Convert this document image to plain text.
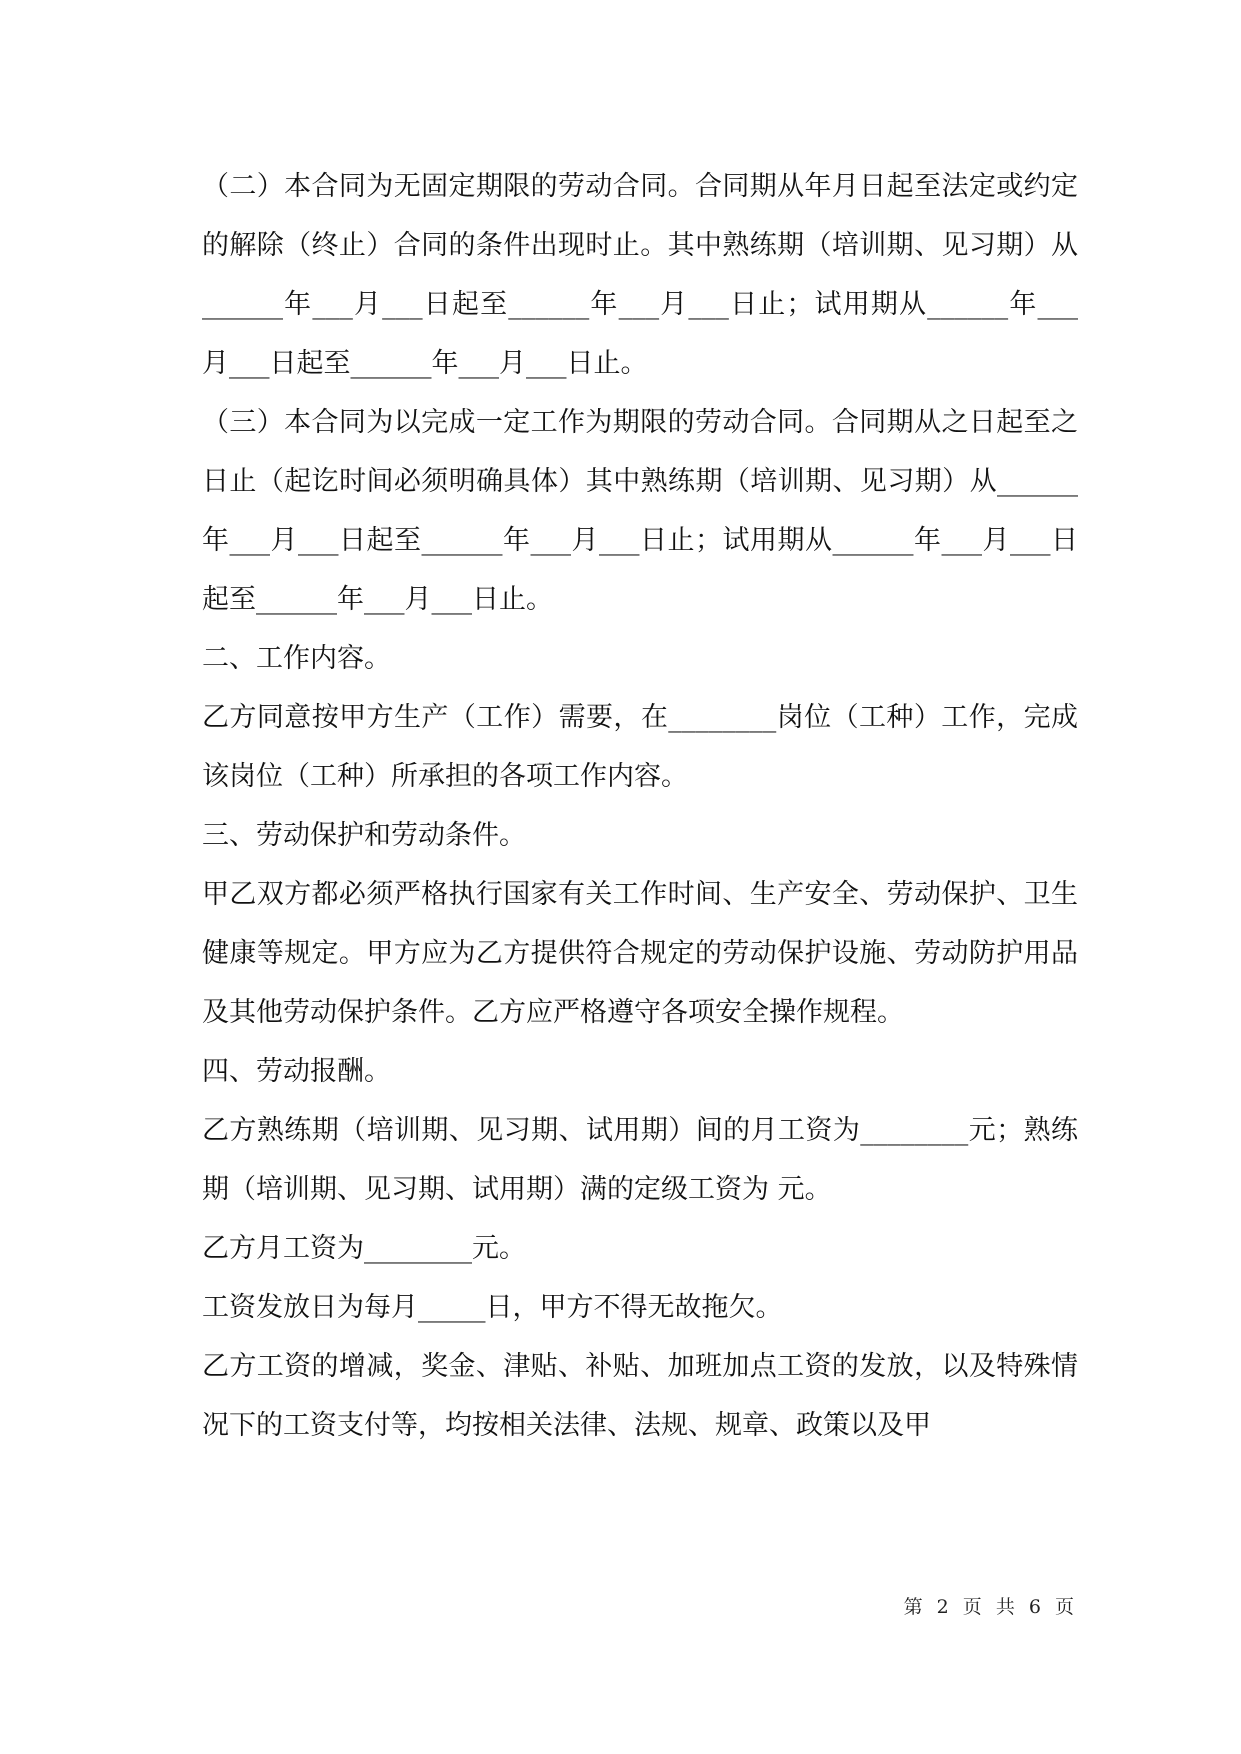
（二）本合同为无固定期限的劳动合同。合同期从年月日起至法定或约定的解除（终止）合同的条件出现时止。其中熟练期（培训期、见习期）从______年___月___日起至______年___月___日止；试用期从______年___月___日起至______年___月___日止。

（三）本合同为以完成一定工作为期限的劳动合同。合同期从之日起至之日止（起讫时间必须明确具体）其中熟练期（培训期、见习期）从______年___月___日起至______年___月___日止；试用期从______年___月___日起至______年___月___日止。

二、工作内容。

乙方同意按甲方生产（工作）需要，在________岗位（工种）工作，完成该岗位（工种）所承担的各项工作内容。

三、劳动保护和劳动条件。

甲乙双方都必须严格执行国家有关工作时间、生产安全、劳动保护、卫生健康等规定。甲方应为乙方提供符合规定的劳动保护设施、劳动防护用品及其他劳动保护条件。乙方应严格遵守各项安全操作规程。

四、劳动报酬。

乙方熟练期（培训期、见习期、试用期）间的月工资为________元；熟练期（培训期、见习期、试用期）满的定级工资为 元。

乙方月工资为________元。

工资发放日为每月_____日，甲方不得无故拖欠。

乙方工资的增减，奖金、津贴、补贴、加班加点工资的发放，以及特殊情况下的工资支付等，均按相关法律、法规、规章、政策以及甲

第 2 页 共 6 页
